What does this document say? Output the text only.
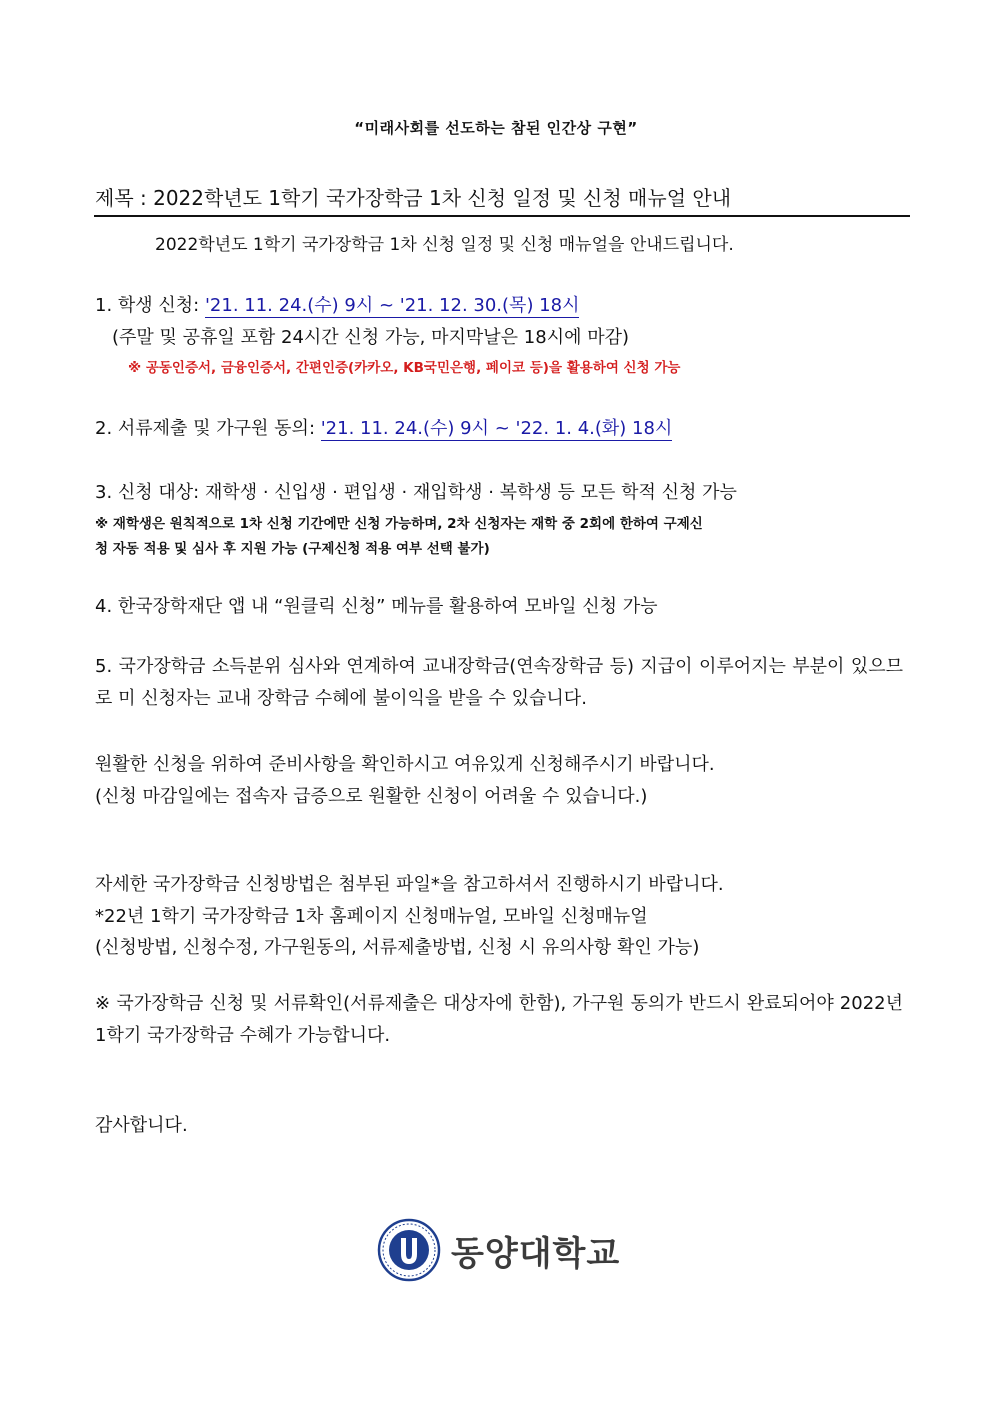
“미래사회를 선도하는 참된 인간상 구현”
제목 : 2022학년도 1학기 국가장학금 1차 신청 일정 및 신청 매뉴얼 안내
2022학년도 1학기 국가장학금 1차 신청 일정 및 신청 매뉴얼을 안내드립니다.
1. 학생 신청: '21. 11. 24.(수) 9시 ~ '21. 12. 30.(목) 18시
(주말 및 공휴일 포함 24시간 신청 가능, 마지막날은 18시에 마감)
※ 공동인증서, 금융인증서, 간편인증(카카오, KB국민은행, 페이코 등)을 활용하여 신청 가능
2. 서류제출 및 가구원 동의: '21. 11. 24.(수) 9시 ~ '22. 1. 4.(화) 18시
3. 신청 대상: 재학생 · 신입생 · 편입생 · 재입학생 · 복학생 등 모든 학적 신청 가능
※ 재학생은 원칙적으로 1차 신청 기간에만 신청 가능하며, 2차 신청자는 재학 중 2회에 한하여 구제신
청 자동 적용 및 심사 후 지원 가능 (구제신청 적용 여부 선택 불가)
4. 한국장학재단 앱 내 “원클릭 신청” 메뉴를 활용하여 모바일 신청 가능
5. 국가장학금 소득분위 심사와 연계하여 교내장학금(연속장학금 등) 지급이 이루어지는 부분이 있으므로 미 신청자는 교내 장학금 수혜에 불이익을 받을 수 있습니다.
원활한 신청을 위하여 준비사항을 확인하시고 여유있게 신청해주시기 바랍니다.
(신청 마감일에는 접속자 급증으로 원활한 신청이 어려울 수 있습니다.)
자세한 국가장학금 신청방법은 첨부된 파일*을 참고하셔서 진행하시기 바랍니다.
*22년 1학기 국가장학금 1차 홈페이지 신청매뉴얼, 모바일 신청매뉴얼
(신청방법, 신청수정, 가구원동의, 서류제출방법, 신청 시 유의사항 확인 가능)
※ 국가장학금 신청 및 서류확인(서류제출은 대상자에 한함), 가구원 동의가 반드시 완료되어야 2022년 1학기 국가장학금 수혜가 가능합니다.
감사합니다.
동양대학교
